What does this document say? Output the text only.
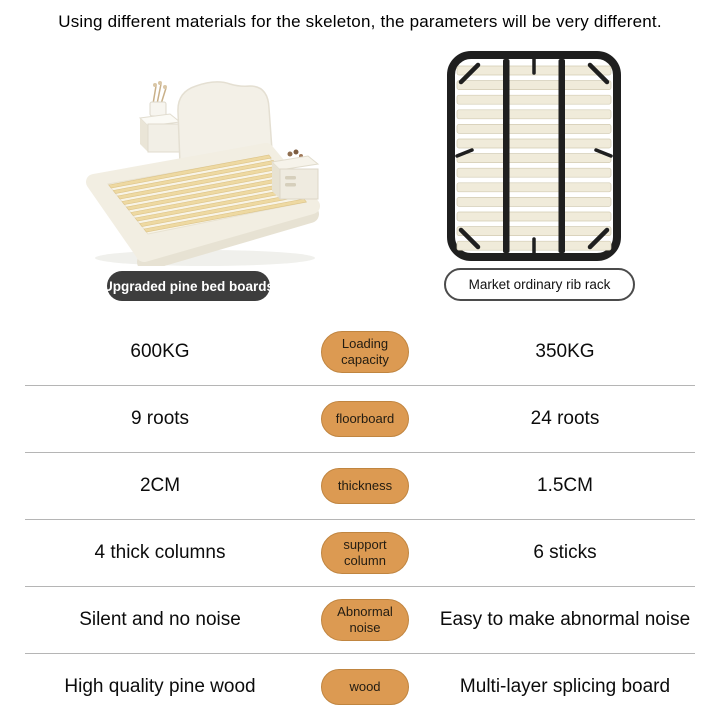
Using different materials for the skeleton, the parameters will be very different.
Upgraded pine bed boards	Market ordinary rib rack
600KG	Loading capacity	350KG
9 roots	floorboard	24 roots
2CM	thickness	1.5CM
4 thick columns	support column	6 sticks
Silent and no noise	Abnormal noise	Easy to make abnormal noise
High quality pine wood	wood	Multi-layer splicing board
